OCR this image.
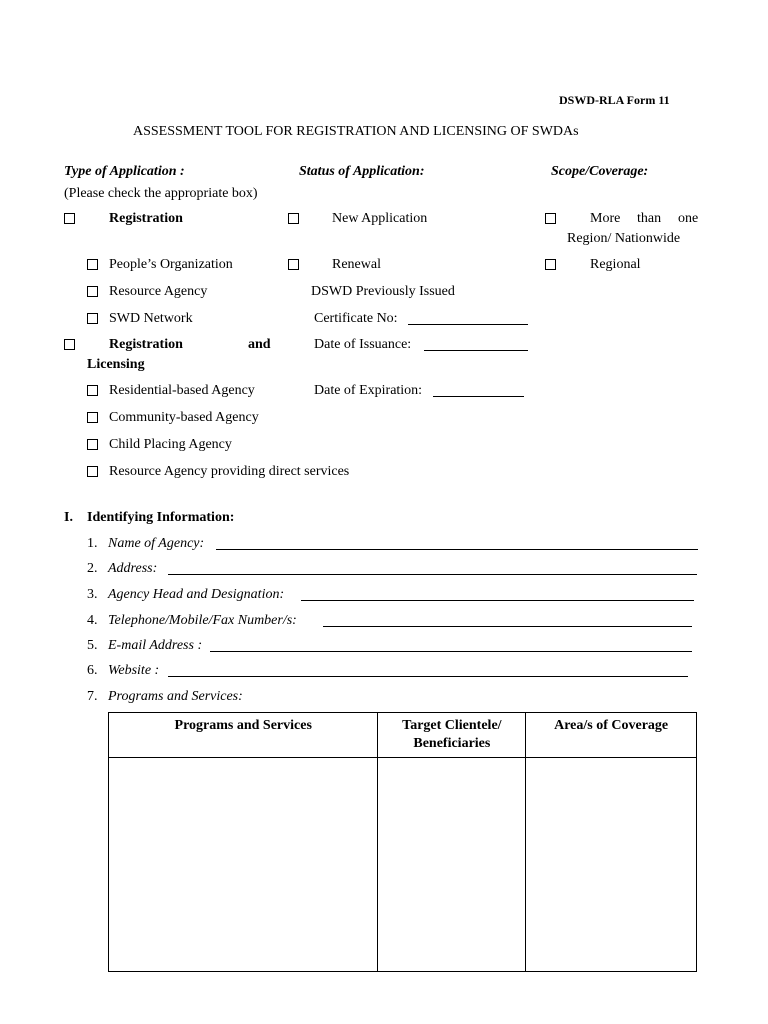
DSWD-RLA Form 11
ASSESSMENT TOOL FOR REGISTRATION AND LICENSING OF SWDAs
Type of Application :
(Please check the appropriate box)
Status of Application:	Scope/Coverage:
Registration	New Application	More than one
Region/ Nationwide
People’s Organization	Renewal	Regional
Resource Agency	DSWD Previously Issued
SWD Network	Certificate No:
Registration	and
Licensing
Date of Issuance:
Residential-based Agency	Date of Expiration:
Community-based Agency
Child Placing Agency
Resource Agency providing direct services
I. Identifying Information:
1. Name of Agency:
2. Address:
3. Agency Head and Designation:
4. Telephone/Mobile/Fax Number/s:
5. E-mail Address :
6. Website :
7. Programs and Services:
Programs and Services	Target Clientele/ Beneficiaries	Area/s of Coverage
